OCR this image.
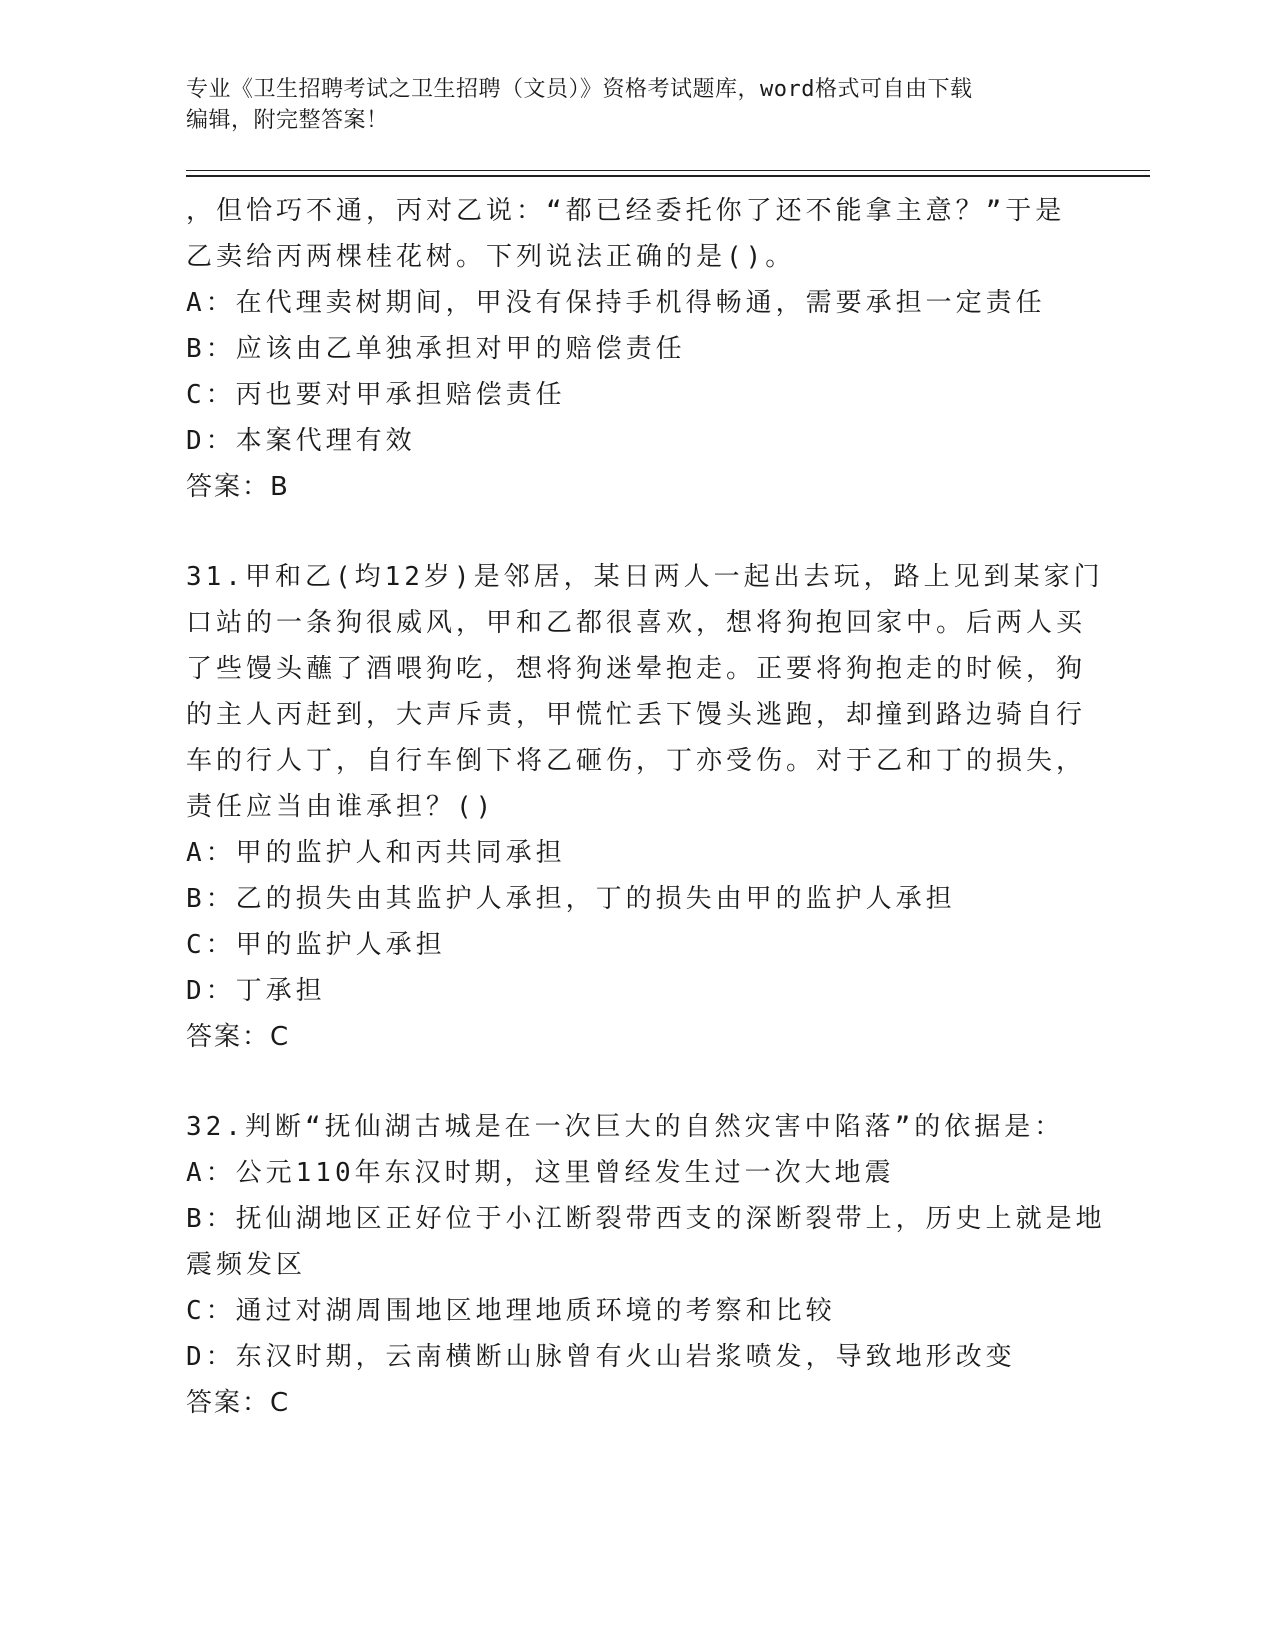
专业《卫生招聘考试之卫生招聘（文员）》资格考试题库，word格式可自由下载
编辑，附完整答案！
，但恰巧不通，丙对乙说：“都已经委托你了还不能拿主意？”于是
乙卖给丙两棵桂花树。下列说法正确的是()。
A：在代理卖树期间，甲没有保持手机得畅通，需要承担一定责任
B：应该由乙单独承担对甲的赔偿责任
C：丙也要对甲承担赔偿责任
D：本案代理有效
答案：B
31.甲和乙(均12岁)是邻居，某日两人一起出去玩，路上见到某家门
口站的一条狗很威风，甲和乙都很喜欢，想将狗抱回家中。后两人买
了些馒头蘸了酒喂狗吃，想将狗迷晕抱走。正要将狗抱走的时候，狗
的主人丙赶到，大声斥责，甲慌忙丢下馒头逃跑，却撞到路边骑自行
车的行人丁，自行车倒下将乙砸伤，丁亦受伤。对于乙和丁的损失，
责任应当由谁承担？()
A：甲的监护人和丙共同承担
B：乙的损失由其监护人承担，丁的损失由甲的监护人承担
C：甲的监护人承担
D：丁承担
答案：C
32.判断“抚仙湖古城是在一次巨大的自然灾害中陷落”的依据是：
A：公元110年东汉时期，这里曾经发生过一次大地震
B：抚仙湖地区正好位于小江断裂带西支的深断裂带上，历史上就是地
震频发区
C：通过对湖周围地区地理地质环境的考察和比较
D：东汉时期，云南横断山脉曾有火山岩浆喷发，导致地形改变
答案：C
